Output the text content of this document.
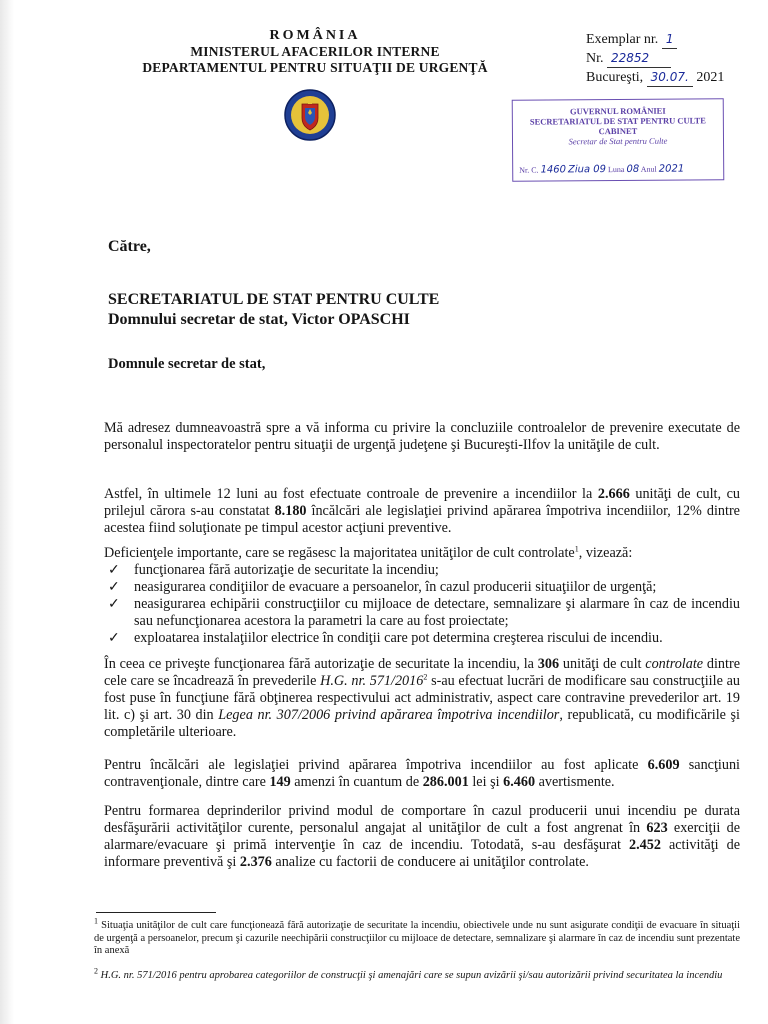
ROMÂNIA
MINISTERUL AFACERILOR INTERNE
DEPARTAMENTUL PENTRU SITUAŢII DE URGENŢĂ
Exemplar nr. 1
Nr. 22852
Bucureşti, 30.07. 2021
GUVERNUL ROMÂNIEI
SECRETARIATUL DE STAT PENTRU CULTE
CABINET
Secretar de Stat pentru Culte
Nr. C. 1460 Ziua 09 Luna 08 Anul 2021
Către,
SECRETARIATUL DE STAT PENTRU CULTE
Domnului secretar de stat, Victor OPASCHI
Domnule secretar de stat,
Mă adresez dumneavoastră spre a vă informa cu privire la concluziile controalelor de prevenire executate de personalul inspectoratelor pentru situaţii de urgenţă judeţene şi Bucureşti-Ilfov la unităţile de cult.
Astfel, în ultimele 12 luni au fost efectuate controale de prevenire a incendiilor la 2.666 unităţi de cult, cu prilejul cărora s-au constatat 8.180 încălcări ale legislaţiei privind apărarea împotriva incendiilor, 12% dintre acestea fiind soluţionate pe timpul acestor acţiuni preventive.
Deficienţele importante, care se regăsesc la majoritatea unităţilor de cult controlate$^1$, vizează:
✓ funcţionarea fără autorizaţie de securitate la incendiu;
✓ neasigurarea condiţiilor de evacuare a persoanelor, în cazul producerii situaţiilor de urgenţă;
✓ neasigurarea echipării construcţiilor cu mijloace de detectare, semnalizare şi alarmare în caz de incendiu sau nefuncţionarea acestora la parametri la care au fost proiectate;
✓ exploatarea instalaţiilor electrice în condiţii care pot determina creşterea riscului de incendiu.
În ceea ce priveşte funcţionarea fără autorizaţie de securitate la incendiu, la 306 unităţi de cult controlate dintre cele care se încadrează în prevederile H.G. nr. 571/2016$^2$ s-au efectuat lucrări de modificare sau construcţiile au fost puse în funcţiune fără obţinerea respectivului act administrativ, aspect care contravine prevederilor art. 19 lit. c) şi art. 30 din Legea nr. 307/2006 privind apărarea împotriva incendiilor, republicată, cu modificările şi completările ulterioare.
Pentru încălcări ale legislaţiei privind apărarea împotriva incendiilor au fost aplicate 6.609 sancţiuni contravenţionale, dintre care 149 amenzi în cuantum de 286.001 lei şi 6.460 avertismente.
Pentru formarea deprinderilor privind modul de comportare în cazul producerii unui incendiu pe durata desfăşurării activităţilor curente, personalul angajat al unităţilor de cult a fost angrenat în 623 exerciţii de alarmare/evacuare şi primă intervenţie în caz de incendiu. Totodată, s-au desfăşurat 2.452 activităţi de informare preventivă şi 2.376 analize cu factorii de conducere ai unităţilor controlate.
$^1$ Situaţia unităţilor de cult care funcţionează fără autorizaţie de securitate la incendiu, obiectivele unde nu sunt asigurate condiţii de evacuare în situaţii de urgenţă a persoanelor, precum şi cazurile neechipării construcţiilor cu mijloace de detectare, semnalizare şi alarmare în caz de incendiu sunt prezentate în anexă
$^2$ H.G. nr. 571/2016 pentru aprobarea categoriilor de construcţii şi amenajări care se supun avizării şi/sau autorizării privind securitatea la incendiu
